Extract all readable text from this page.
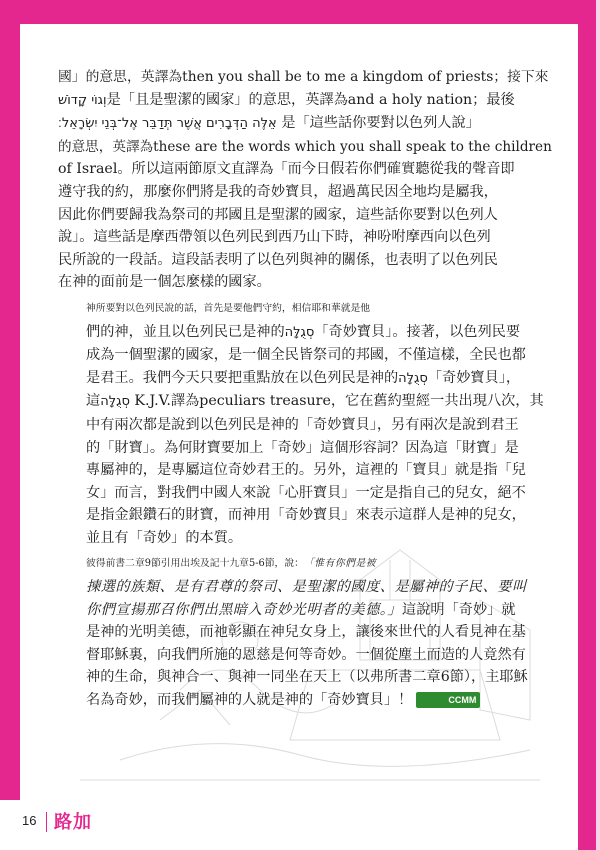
國」的意思，英譯為then you shall be to me a kingdom of priests；接下來
וְגוֹי קָדוֹשׁ是「且是聖潔的國家」的意思，英譯為and a holy nation；最後
אֵלֶּה הַדְּבָרִים אֲשֶׁר תְּדַבֵּר אֶל־בְּנֵי יִשְׂרָאֵל׃ 是「這些話你要對以色列人說」
的意思，英譯為these are the words which you shall speak to the children
of Israel。所以這兩節原文直譯為「而今日假若你們確實聽從我的聲音即
遵守我的約，那麼你們將是我的奇妙寶貝，超過萬民因全地均是屬我，
因此你們要歸我為祭司的邦國且是聖潔的國家，這些話你要對以色列人
說」。這些話是摩西帶領以色列民到西乃山下時，神吩咐摩西向以色列
民所說的一段話。這段話表明了以色列與神的關係，也表明了以色列民
在神的面前是一個怎麼樣的國家。

神所要對以色列民說的話，首先是要他們守約，相信耶和華就是他
們的神，並且以色列民已是神的סְגֻלָּה「奇妙寶貝」。接著，以色列民要
成為一個聖潔的國家，是一個全民皆祭司的邦國，不僅這樣，全民也都
是君王。我們今天只要把重點放在以色列民是神的סְגֻלָּה「奇妙寶貝」，
這סְגֻלָּה K.J.V.譯為peculiars treasure，它在舊約聖經一共出現八次，其
中有兩次都是說到以色列民是神的「奇妙寶貝」，另有兩次是說到君王
的「財寶」。為何財寶要加上「奇妙」這個形容詞？因為這「財寶」是
專屬神的，是專屬這位奇妙君王的。另外，這裡的「寶貝」就是指「兒
女」而言，對我們中國人來說「心肝寶貝」一定是指自己的兒女，絕不
是指金銀鑽石的財寶，而神用「奇妙寶貝」來表示這群人是神的兒女，
並且有「奇妙」的本質。

彼得前書二章9節引用出埃及記十九章5-6節，說：「惟有你們是被
揀選的族類、是有君尊的祭司、是聖潔的國度、是屬神的子民、要叫
你們宣揚那召你們出黑暗入奇妙光明者的美德。」這說明「奇妙」就
是神的光明美德，而祂彰顯在神兒女身上，讓後來世代的人看見神在基
督耶穌裏，向我們所施的恩慈是何等奇妙。一個從塵土而造的人竟然有
神的生命，與神合一、與神一同坐在天上（以弗所書二章6節），主耶穌
名為奇妙，而我們屬神的人就是神的「奇妙寶貝」！	CCMM

16 路加
